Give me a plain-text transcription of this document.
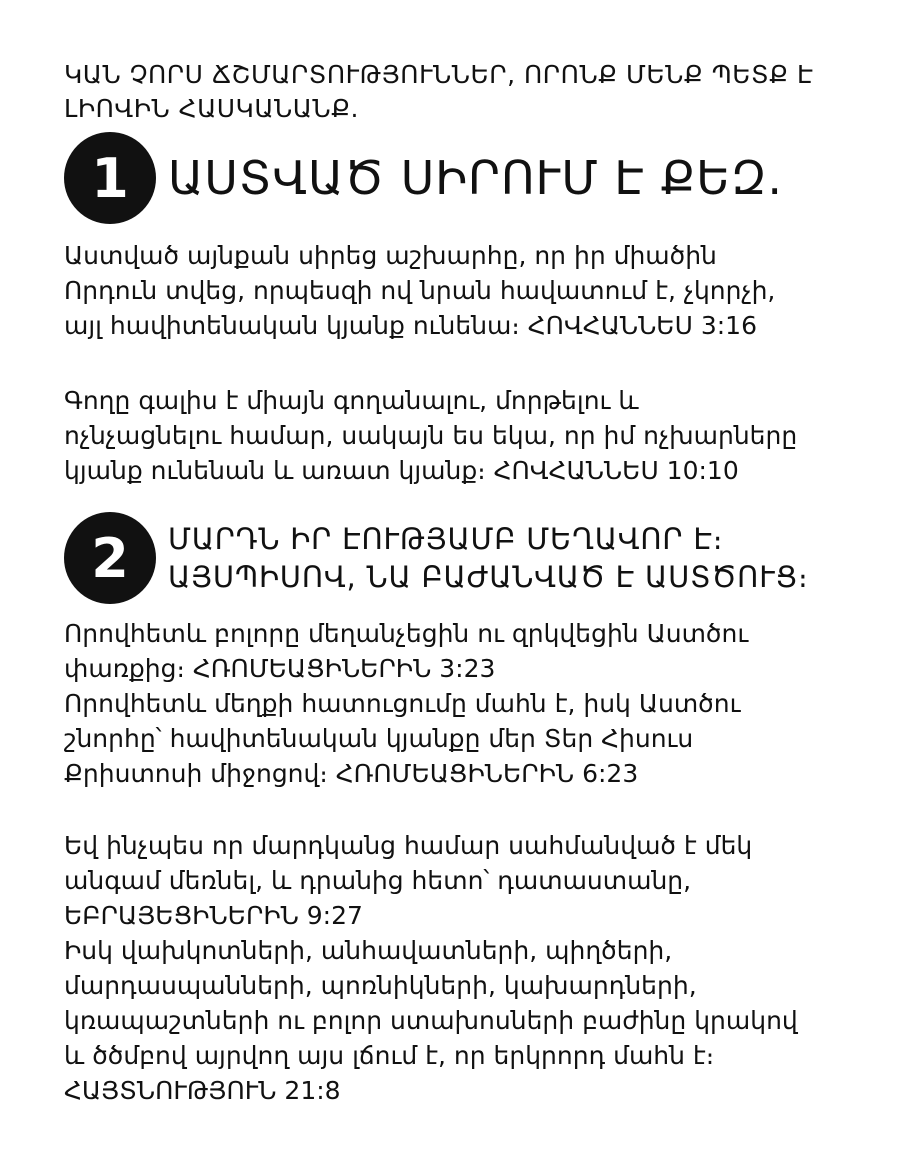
ԿԱՆ ՉՈՐՍ ՃՇՄԱՐՏՈՒԹՅՈՒՆՆԵՐ, ՈՐՈՆՔ ՄԵՆՔ ՊԵՏՔ Է
ԼԻՈՎԻՆ ՀԱՍԿԱՆԱՆՔ.
1 ԱՍՏՎԱԾ ՍԻՐՈՒՄ Է ՔԵԶ.
Աստված այնքան սիրեց աշխարհը, որ իր միածին
Որդուն տվեց, որպեսզի ով նրան հավատում է, չկորչի,
այլ հավիտենական կյանք ունենա։ ՀՈՎՀԱՆՆԵՍ 3:16
Գողը գալիս է միայն գողանալու, մորթելու և
ոչնչացնելու համար, սակայն ես եկա, որ իմ ոչխարները
կյանք ունենան և առատ կյանք։ ՀՈՎՀԱՆՆԵՍ 10:10
2	ՄԱՐԴՆ ԻՐ ԷՈՒԹՅԱՄԲ ՄԵՂԱՎՈՐ Է։
ԱՅՍՊԻՍՈՎ, ՆԱ ԲԱԺԱՆՎԱԾ Է ԱՍՏԾՈՒՑ։
Որովհետև բոլորը մեղանչեցին ու զրկվեցին Աստծու
փառքից։ ՀՌՈՄԵԱՑԻՆԵՐԻՆ 3:23
Որովհետև մեղքի հատուցումը մահն է, իսկ Աստծու
շնորհը՝ հավիտենական կյանքը մեր Տեր Հիսուս
Քրիստոսի միջոցով։ ՀՌՈՄԵԱՑԻՆԵՐԻՆ 6:23
Եվ ինչպես որ մարդկանց համար սահմանված է մեկ
անգամ մեռնել, և դրանից հետո՝ դատաստանը,
ԵԲՐԱՅԵՑԻՆԵՐԻՆ 9:27
Իսկ վախկոտների, անհավատների, պիղծերի,
մարդասպանների, պոռնիկների, կախարդների,
կռապաշտների ու բոլոր ստախոսների բաժինը կրակով
և ծծմբով այրվող այս լճում է, որ երկրորդ մահն է։
ՀԱՅՏՆՈՒԹՅՈՒՆ 21:8
